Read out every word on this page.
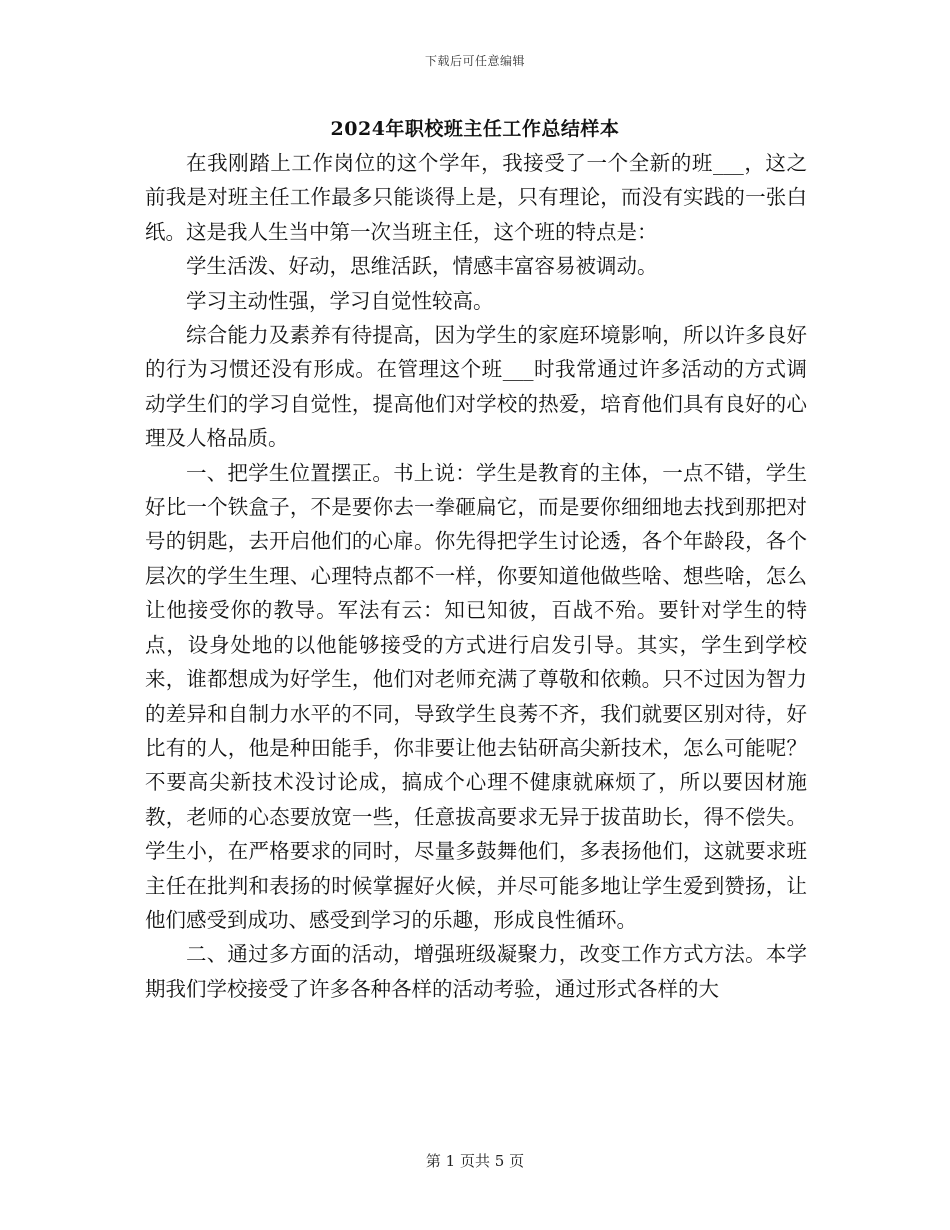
下载后可任意编辑
2024年职校班主任工作总结样本

在我刚踏上工作岗位的这个学年，我接受了一个全新的班___，这之前我是对班主任工作最多只能谈得上是，只有理论，而没有实践的一张白纸。这是我人生当中第一次当班主任，这个班的特点是：

学生活泼、好动，思维活跃，情感丰富容易被调动。

学习主动性强，学习自觉性较高。

综合能力及素养有待提高，因为学生的家庭环境影响，所以许多良好的行为习惯还没有形成。在管理这个班___时我常通过许多活动的方式调动学生们的学习自觉性，提高他们对学校的热爱，培育他们具有良好的心理及人格品质。

一、把学生位置摆正。书上说：学生是教育的主体，一点不错，学生好比一个铁盒子，不是要你去一拳砸扁它，而是要你细细地去找到那把对号的钥匙，去开启他们的心扉。你先得把学生讨论透，各个年龄段，各个层次的学生生理、心理特点都不一样，你要知道他做些啥、想些啥，怎么让他接受你的教导。军法有云：知已知彼，百战不殆。要针对学生的特点，设身处地的以他能够接受的方式进行启发引导。其实，学生到学校来，谁都想成为好学生，他们对老师充满了尊敬和依赖。只不过因为智力的差异和自制力水平的不同，导致学生良莠不齐，我们就要区别对待，好比有的人，他是种田能手，你非要让他去钻研高尖新技术，怎么可能呢？不要高尖新技术没讨论成，搞成个心理不健康就麻烦了，所以要因材施教，老师的心态要放宽一些，任意拔高要求无异于拔苗助长，得不偿失。学生小，在严格要求的同时，尽量多鼓舞他们，多表扬他们，这就要求班主任在批判和表扬的时候掌握好火候，并尽可能多地让学生爱到赞扬，让他们感受到成功、感受到学习的乐趣，形成良性循环。

二、通过多方面的活动，增强班级凝聚力，改变工作方式方法。本学期我们学校接受了许多各种各样的活动考验，通过形式各样的大

第 1 页共 5 页
